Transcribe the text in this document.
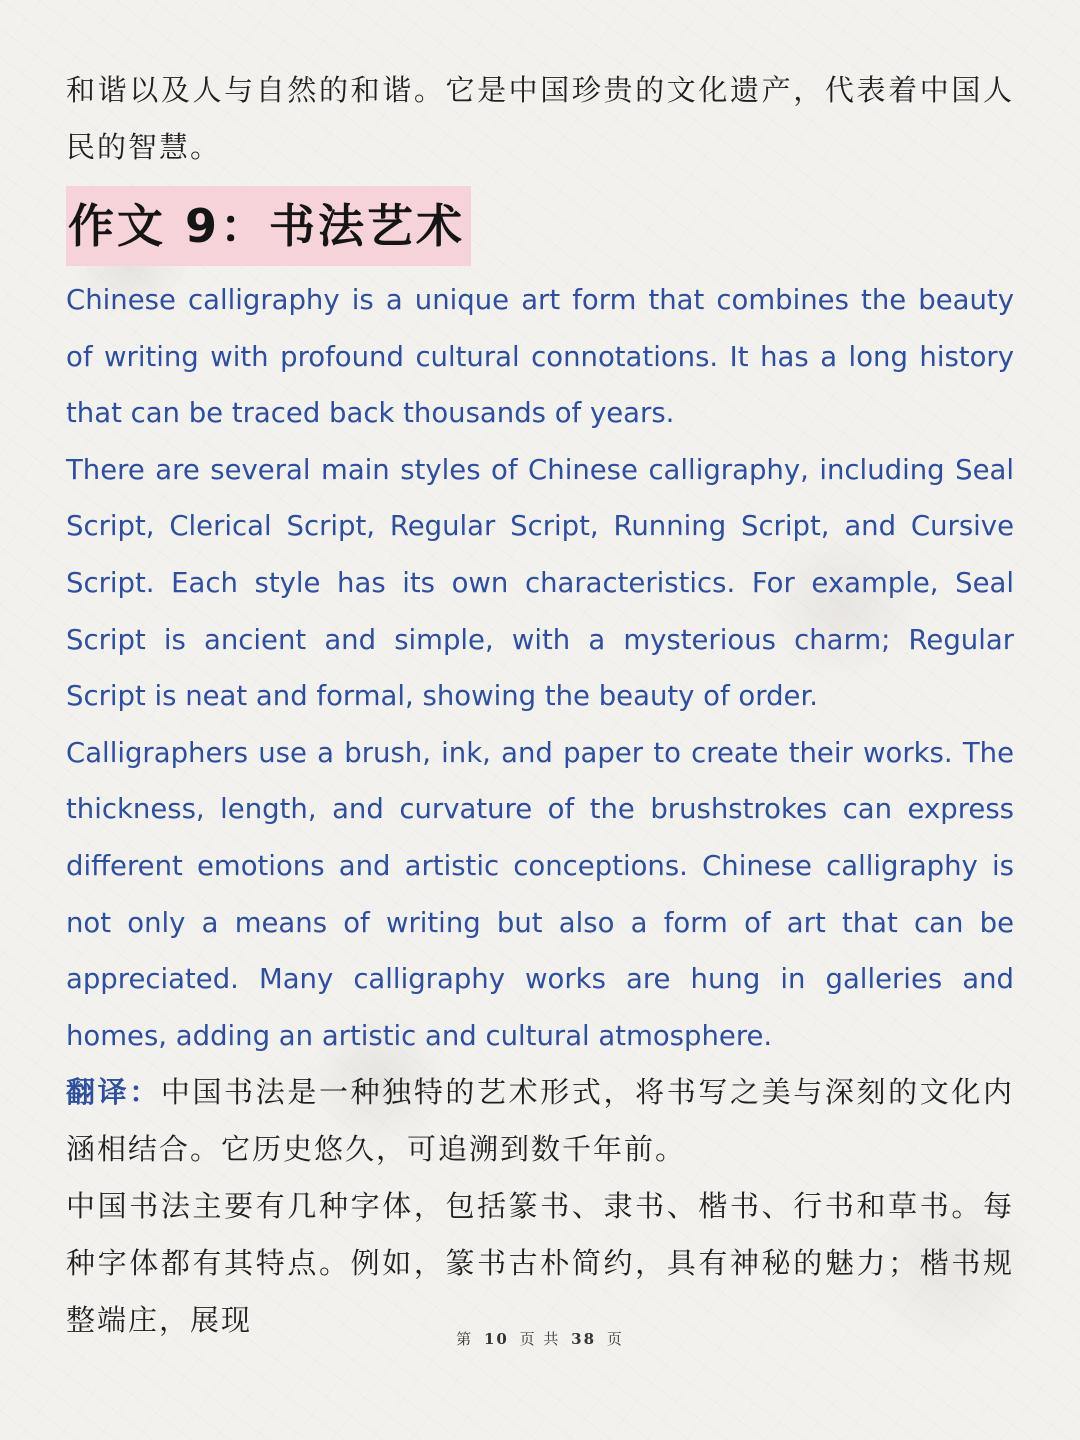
和谐以及人与自然的和谐。它是中国珍贵的文化遗产，代表着中国人民的智慧。

作文 9：书法艺术

Chinese calligraphy is a unique art form that combines the beauty of writing with profound cultural connotations. It has a long history that can be traced back thousands of years.

There are several main styles of Chinese calligraphy, including Seal Script, Clerical Script, Regular Script, Running Script, and Cursive Script. Each style has its own characteristics. For example, Seal Script is ancient and simple, with a mysterious charm; Regular Script is neat and formal, showing the beauty of order.

Calligraphers use a brush, ink, and paper to create their works. The thickness, length, and curvature of the brushstrokes can express different emotions and artistic conceptions. Chinese calligraphy is not only a means of writing but also a form of art that can be appreciated. Many calligraphy works are hung in galleries and homes, adding an artistic and cultural atmosphere.

翻译：中国书法是一种独特的艺术形式，将书写之美与深刻的文化内涵相结合。它历史悠久，可追溯到数千年前。

中国书法主要有几种字体，包括篆书、隶书、楷书、行书和草书。每种字体都有其特点。例如，篆书古朴简约，具有神秘的魅力；楷书规整端庄，展现

第 10 页 共 38 页
